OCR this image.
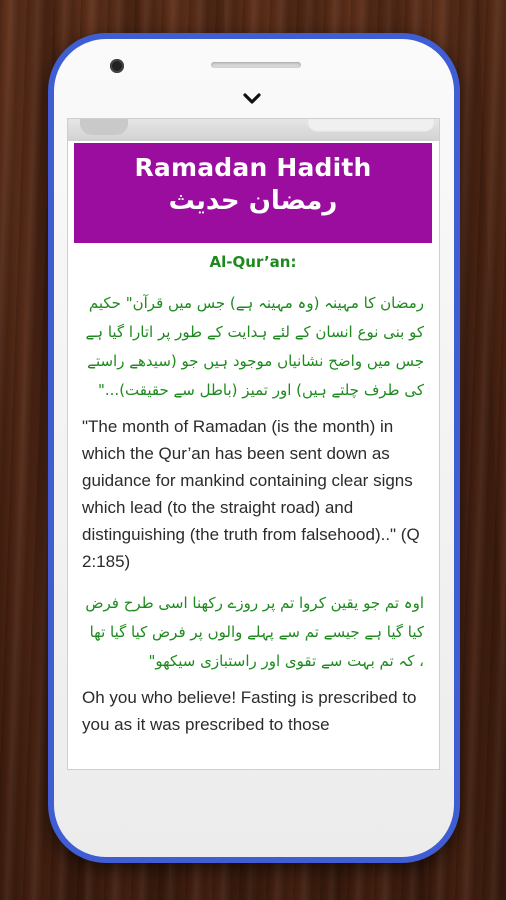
Ramadan Hadith
رمضان حدیث
Al-Qur’an:

رمضان کا مہینہ (وہ مہینہ ہے) جس میں قرآن" حکیم کو بنی نوع انسان کے لئے ہدایت کے طور پر اتارا گیا ہے جس میں واضح نشانیاں موجود ہیں جو (سیدھے راستے کی طرف چلتے ہیں) اور تمیز (باطل سے حقیقت)..."

"The month of Ramadan (is the month) in which the Qur’an has been sent down as guidance for mankind containing clear signs which lead (to the straight road) and distinguishing (the truth from falsehood).." (Q 2:185)

اوہ تم جو یقین کروا تم پر روزے رکھنا اسی طرح فرض کیا گیا ہے جیسے تم سے پہلے والوں پر فرض کیا گیا تھا ، کہ تم بہت سے تقوی اور راستبازی سیکھو"

Oh you who believe! Fasting is prescribed to you as it was prescribed to those
